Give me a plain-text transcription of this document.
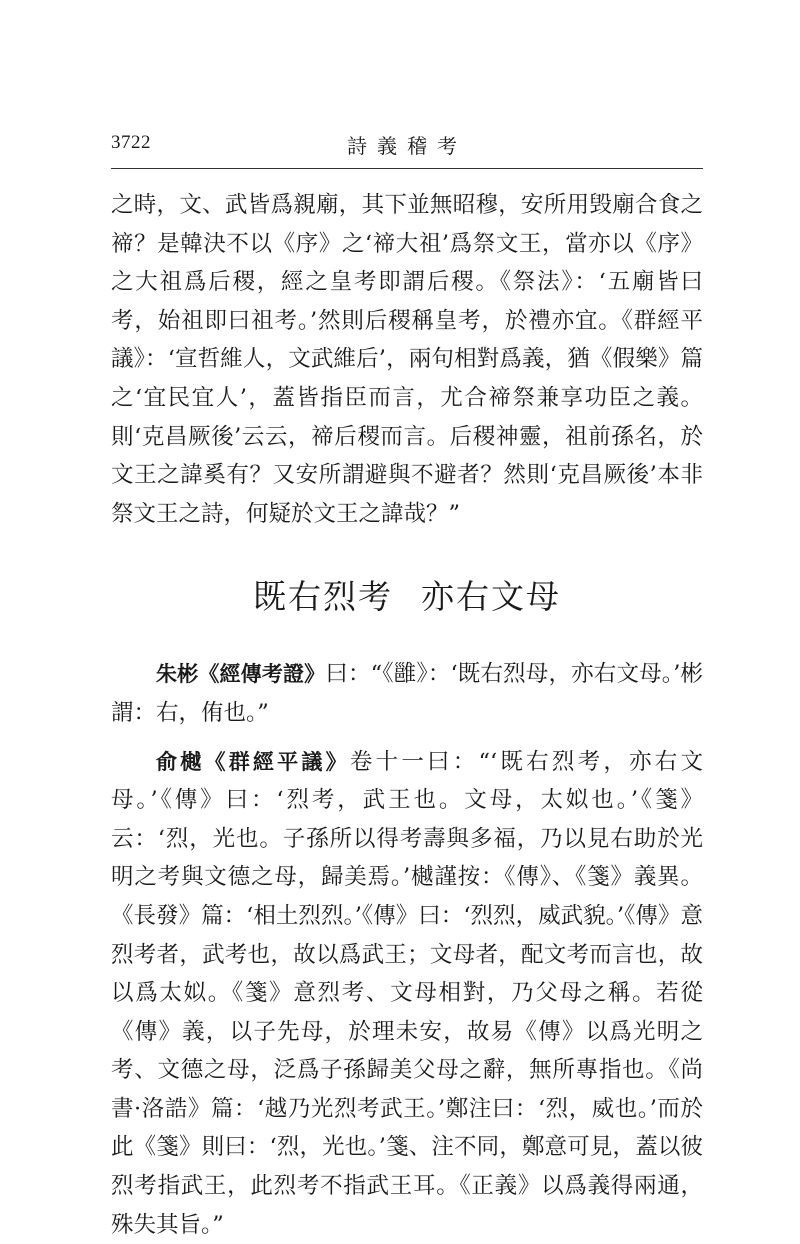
3722	詩義稽考

之時，文、武皆爲親廟，其下並無昭穆，安所用毁廟合食之禘？是韓決不以《序》之‘禘大祖’爲祭文王，當亦以《序》之大祖爲后稷，經之皇考即謂后稷。《祭法》：‘五廟皆曰考，始祖即曰祖考。’然則后稷稱皇考，於禮亦宜。《群經平議》：‘宣哲維人，文武維后’，兩句相對爲義，猶《假樂》篇之‘宜民宜人’，蓋皆指臣而言，尤合禘祭兼享功臣之義。則‘克昌厥後’云云，禘后稷而言。后稷神靈，祖前孫名，於文王之諱奚有？又安所謂避與不避者？然則‘克昌厥後’本非祭文王之詩，何疑於文王之諱哉？”

既右烈考 亦右文母

朱彬《經傳考證》曰：“《雝》：‘既右烈母，亦右文母。’彬謂：右，侑也。”

俞樾《群經平議》卷十一曰：“‘既右烈考，亦右文母。’《傳》曰：‘烈考，武王也。文母，太姒也。’《箋》云：‘烈，光也。子孫所以得考壽與多福，乃以見右助於光明之考與文德之母，歸美焉。’樾謹按：《傳》、《箋》義異。《長發》篇：‘相土烈烈。’《傳》曰：‘烈烈，威武貌。’《傳》意烈考者，武考也，故以爲武王；文母者，配文考而言也，故以爲太姒。《箋》意烈考、文母相對，乃父母之稱。若從《傳》義，以子先母，於理未安，故易《傳》以爲光明之考、文德之母，泛爲子孫歸美父母之辭，無所專指也。《尚書·洛誥》篇：‘越乃光烈考武王。’鄭注曰：‘烈，威也。’而於此《箋》則曰：‘烈，光也。’箋、注不同，鄭意可見，蓋以彼烈考指武王，此烈考不指武王耳。《正義》以爲義得兩通，殊失其旨。”
